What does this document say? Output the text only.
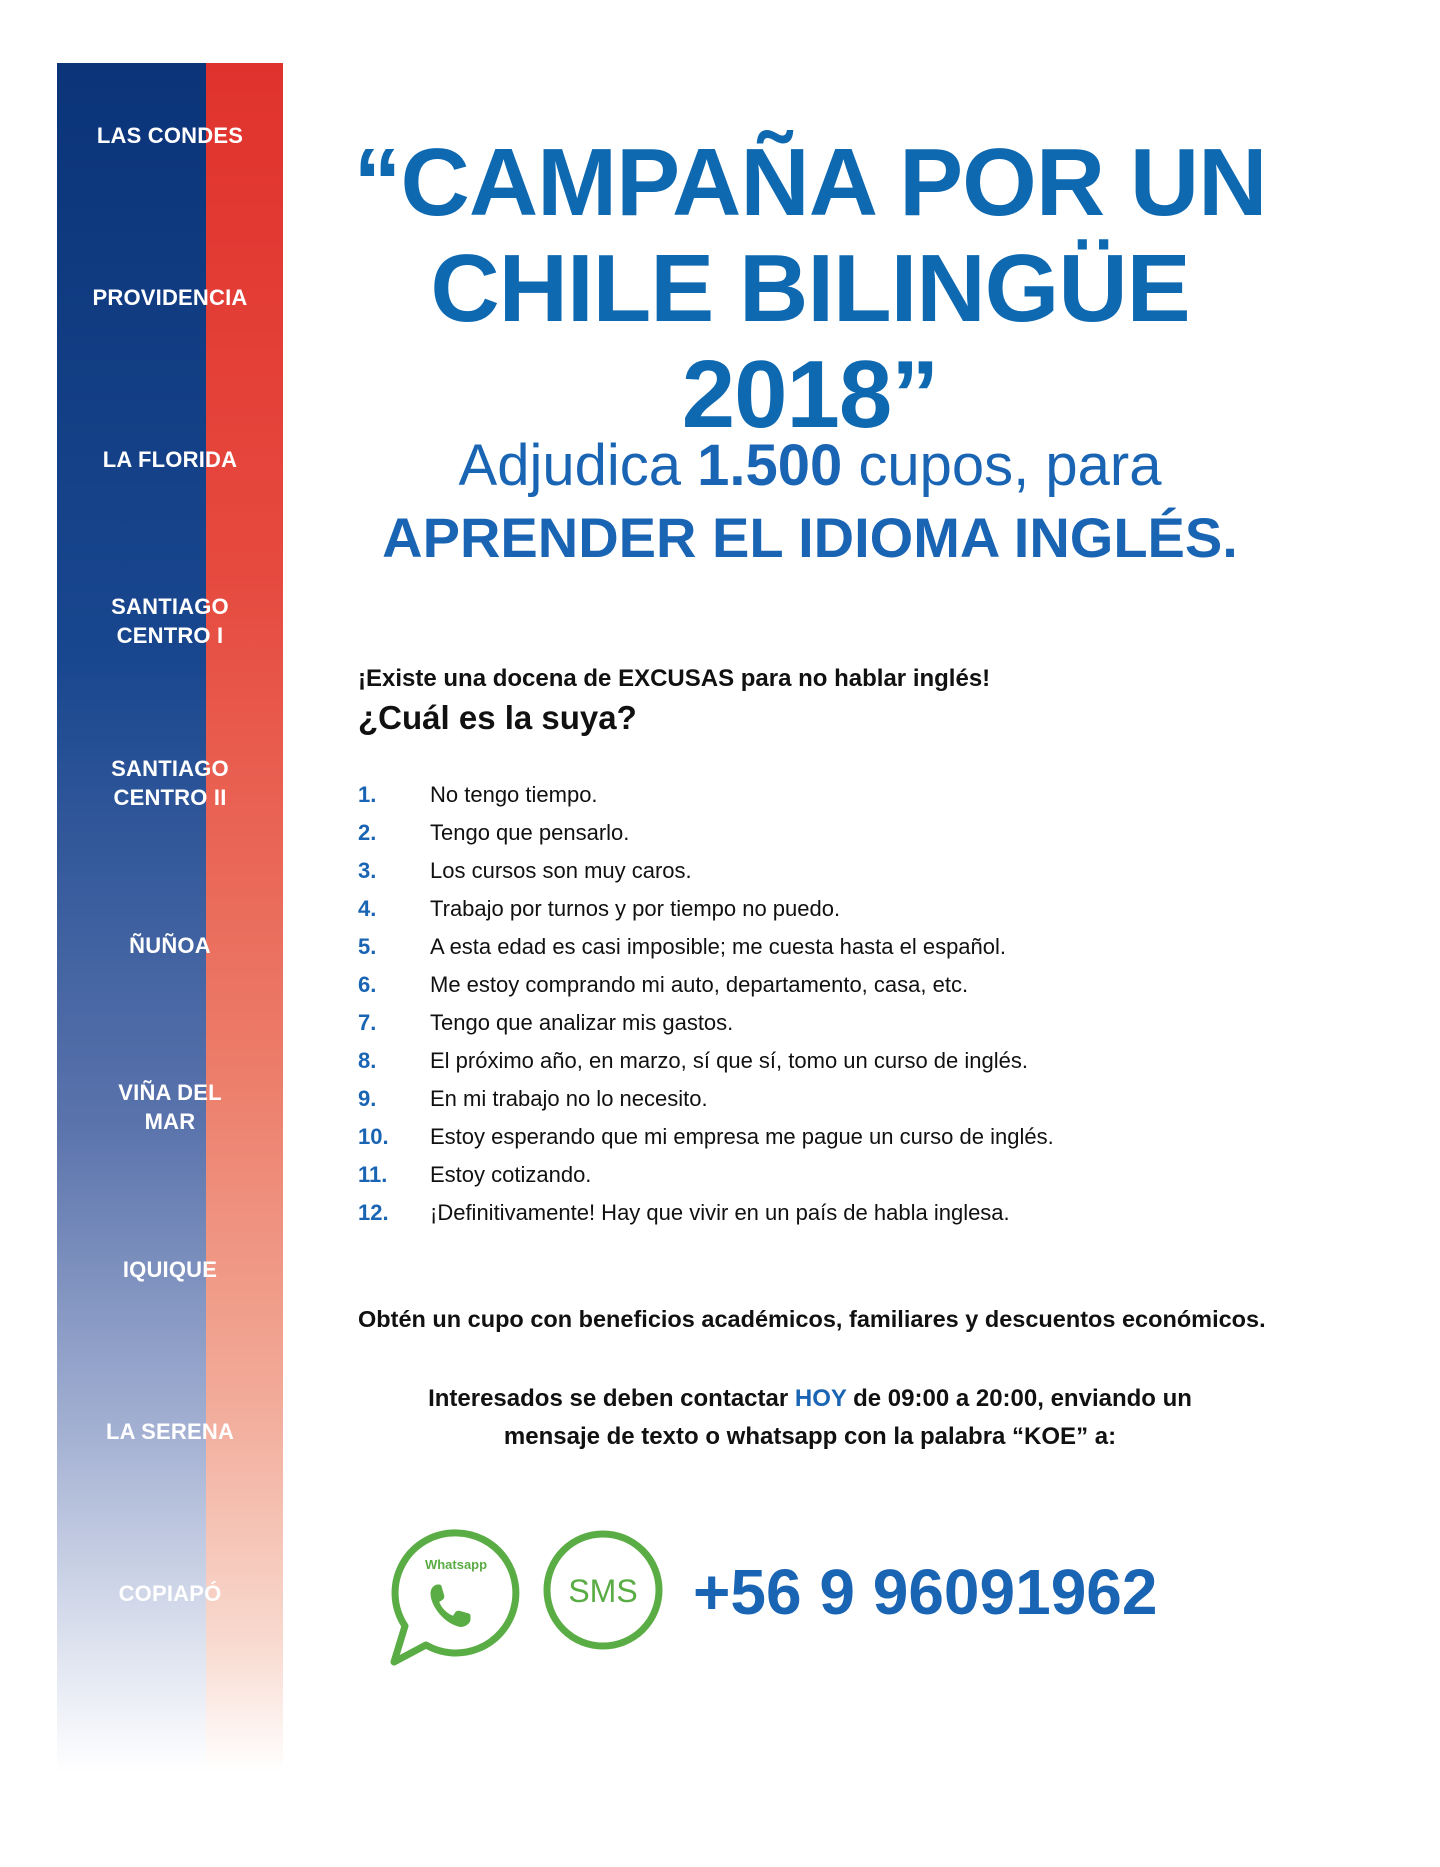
LAS CONDES
PROVIDENCIA
LA FLORIDA
SANTIAGO
CENTRO I
SANTIAGO
CENTRO II
ÑUÑOA
VIÑA DEL
MAR
IQUIQUE
LA SERENA
COPIAPÓ
“CAMPAÑA POR UN
CHILE BILINGÜE 2018”
Adjudica 1.500 cupos, para
APRENDER EL IDIOMA INGLÉS.
¡Existe una docena de EXCUSAS para no hablar inglés!
¿Cuál es la suya?
1. No tengo tiempo.
2. Tengo que pensarlo.
3. Los cursos son muy caros.
4. Trabajo por turnos y por tiempo no puedo.
5. A esta edad es casi imposible; me cuesta hasta el español.
6. Me estoy comprando mi auto, departamento, casa, etc.
7. Tengo que analizar mis gastos.
8. El próximo año, en marzo, sí que sí, tomo un curso de inglés.
9. En mi trabajo no lo necesito.
10. Estoy esperando que mi empresa me pague un curso de inglés.
11. Estoy cotizando.
12. ¡Definitivamente! Hay que vivir en un país de habla inglesa.
Obtén un cupo con beneficios académicos, familiares y descuentos económicos.
Interesados se deben contactar HOY de 09:00 a 20:00, enviando un
mensaje de texto o whatsapp con la palabra “KOE” a:
Whatsapp
SMS +56 9 96091962
